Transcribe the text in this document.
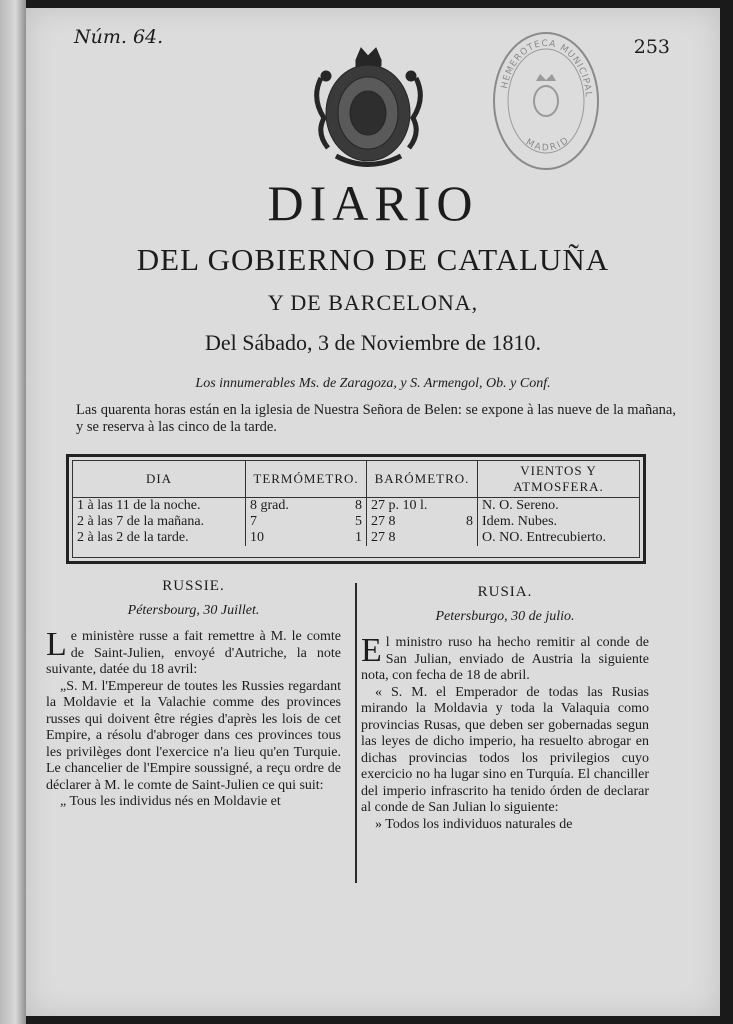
Núm. 64.	253
HEMEROTECA MUNICIPAL
MADRID
DIARIO
DEL GOBIERNO DE CATALUÑA
Y DE BARCELONA,
Del Sábado, 3 de Noviembre de 1810.
Los innumerables Ms. de Zaragoza, y S. Armengol, Ob. y Conf.
Las quarenta horas están en la iglesia de Nuestra Señora de Belen: se expone à las nueve de la mañana, y se reserva à las cinco de la tarde.
DIA	TERMÓMETRO.	BARÓMETRO.	VIENTOS Y ATMOSFERA.
1 à las 11 de la noche.	8 grad. 8	27 p. 10 l.	N. O. Sereno.
2 à las 7 de la mañana.	7 5	27 8 8	Idem. Nubes.
2 à las 2 de la tarde.	10 1	27 8	O. NO. Entrecubierto.
RUSSIE.
Pétersbourg, 30 Juillet.

Le ministère russe a fait remettre à M. le comte de Saint-Julien, envoyé d'Autriche, la note suivante, datée du 18 avril:

„S. M. l'Empereur de toutes les Russies regardant la Moldavie et la Valachie comme des provinces russes qui doivent être régies d'après les lois de cet Empire, a résolu d'abroger dans ces provinces tous les privilèges dont l'exercice n'a lieu qu'en Turquie. Le chancelier de l'Empire soussigné, a reçu ordre de déclarer à M. le comte de Saint-Julien ce qui suit:

„ Tous les individus nés en Moldavie et

RUSIA.
Petersburgo, 30 de julio.

El ministro ruso ha hecho remitir al conde de San Julian, enviado de Austria la siguiente nota, con fecha de 18 de abril.

« S. M. el Emperador de todas las Rusias mirando la Moldavia y toda la Valaquia como provincias Rusas, que deben ser gobernadas segun las leyes de dicho imperio, ha resuelto abrogar en dichas provincias todos los privilegios cuyo exercicio no ha lugar sino en Turquía. El chanciller del imperio infrascrito ha tenido órden de declarar al conde de San Julian lo siguiente:

» Todos los individuos naturales de
